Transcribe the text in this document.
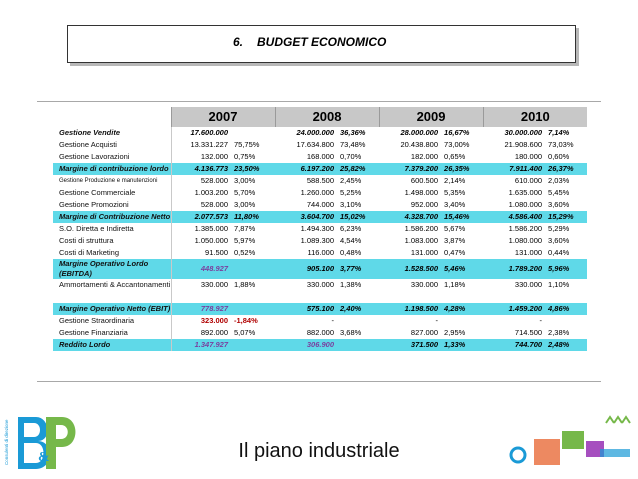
6. BUDGET ECONOMICO
	2007		2008		2009		2010	
Gestione Vendite	17.600.000		24.000.000	36,36%	28.000.000	16,67%	30.000.000	7,14%
Gestione Acquisti	13.331.227	75,75%	17.634.800	73,48%	20.438.800	73,00%	21.908.600	73,03%
Gestione Lavorazioni	132.000	0,75%	168.000	0,70%	182.000	0,65%	180.000	0,60%
Margine di contribuzione lordo	4.136.773	23,50%	6.197.200	25,82%	7.379.200	26,35%	7.911.400	26,37%
Gestione Produzione e manutenzioni	528.000	3,00%	588.500	2,45%	600.500	2,14%	610.000	2,03%
Gestione Commerciale	1.003.200	5,70%	1.260.000	5,25%	1.498.000	5,35%	1.635.000	5,45%
Gestione Promozioni	528.000	3,00%	744.000	3,10%	952.000	3,40%	1.080.000	3,60%
Margine di Contribuzione Netto	2.077.573	11,80%	3.604.700	15,02%	4.328.700	15,46%	4.586.400	15,29%
S.O. Diretta e Indiretta	1.385.000	7,87%	1.494.300	6,23%	1.586.200	5,67%	1.586.200	5,29%
Costi di struttura	1.050.000	5,97%	1.089.300	4,54%	1.083.000	3,87%	1.080.000	3,60%
Costi di Marketing	91.500	0,52%	116.000	0,48%	131.000	0,47%	131.000	0,44%
Margine Operativo Lordo (EBITDA)	448.927		905.100	3,77%	1.528.500	5,46%	1.789.200	5,96%
Ammortamenti & Accantonamenti	330.000	1,88%	330.000	1,38%	330.000	1,18%	330.000	1,10%

Margine Operativo Netto (EBIT)	778.927		575.100	2,40%	1.198.500	4,28%	1.459.200	4,86%
Gestione Straordinaria	323.000	-1,84%	-		-		-	
Gestione Finanziaria	892.000	5,07%	882.000	3,68%	827.000	2,95%	714.500	2,38%
Reddito Lordo	1.347.927		306.900		371.500	1,33%	744.700	2,48%
Consulenti di direzione &	Il piano industriale
